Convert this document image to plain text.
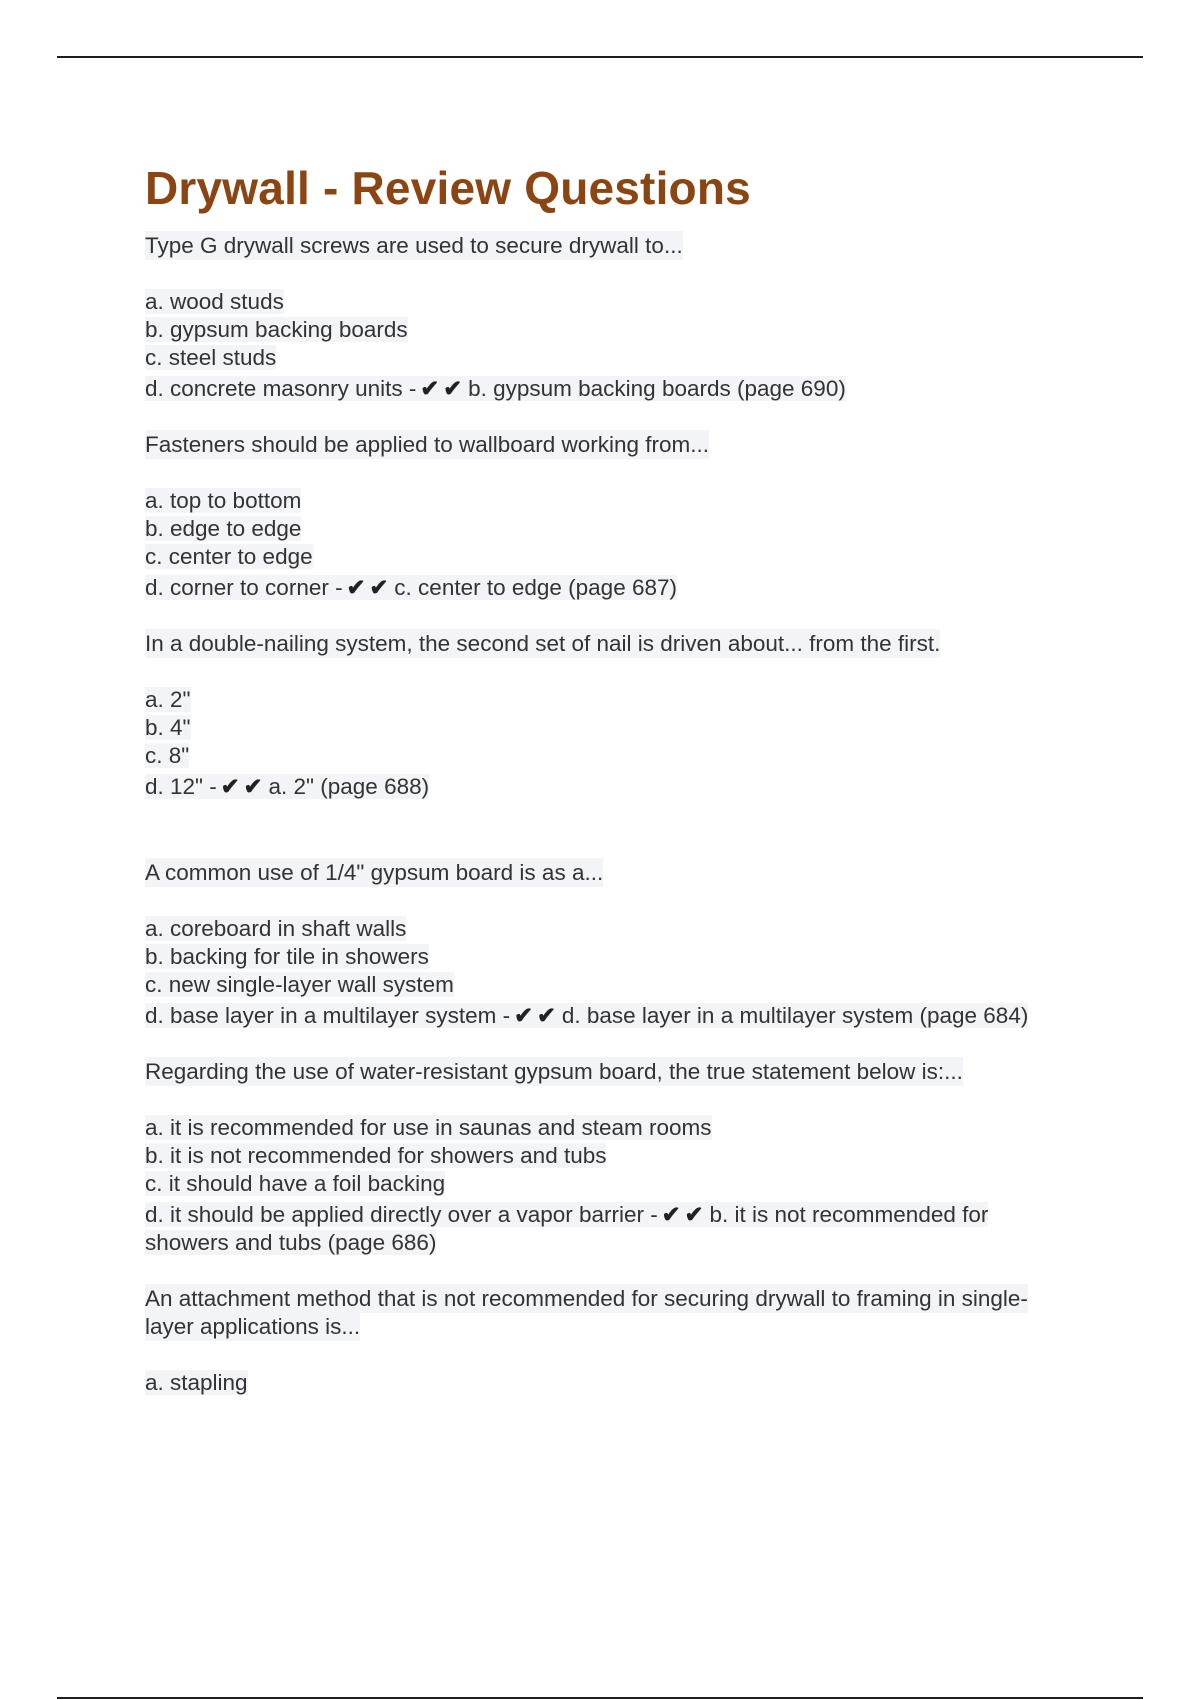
Drywall - Review Questions

Type G drywall screws are used to secure drywall to...

a. wood studs
b. gypsum backing boards
c. steel studs
d. concrete masonry units - ✔✔b. gypsum backing boards (page 690)

Fasteners should be applied to wallboard working from...

a. top to bottom
b. edge to edge
c. center to edge
d. corner to corner - ✔✔c. center to edge (page 687)

In a double-nailing system, the second set of nail is driven about... from the first.

a. 2"
b. 4"
c. 8"
d. 12" - ✔✔a. 2" (page 688)

A common use of 1/4" gypsum board is as a...

a. coreboard in shaft walls
b. backing for tile in showers
c. new single-layer wall system
d. base layer in a multilayer system - ✔✔d. base layer in a multilayer system (page 684)

Regarding the use of water-resistant gypsum board, the true statement below is:...

a. it is recommended for use in saunas and steam rooms
b. it is not recommended for showers and tubs
c. it should have a foil backing
d. it should be applied directly over a vapor barrier - ✔✔b. it is not recommended for showers and tubs (page 686)

An attachment method that is not recommended for securing drywall to framing in single-layer applications is...

a. stapling
